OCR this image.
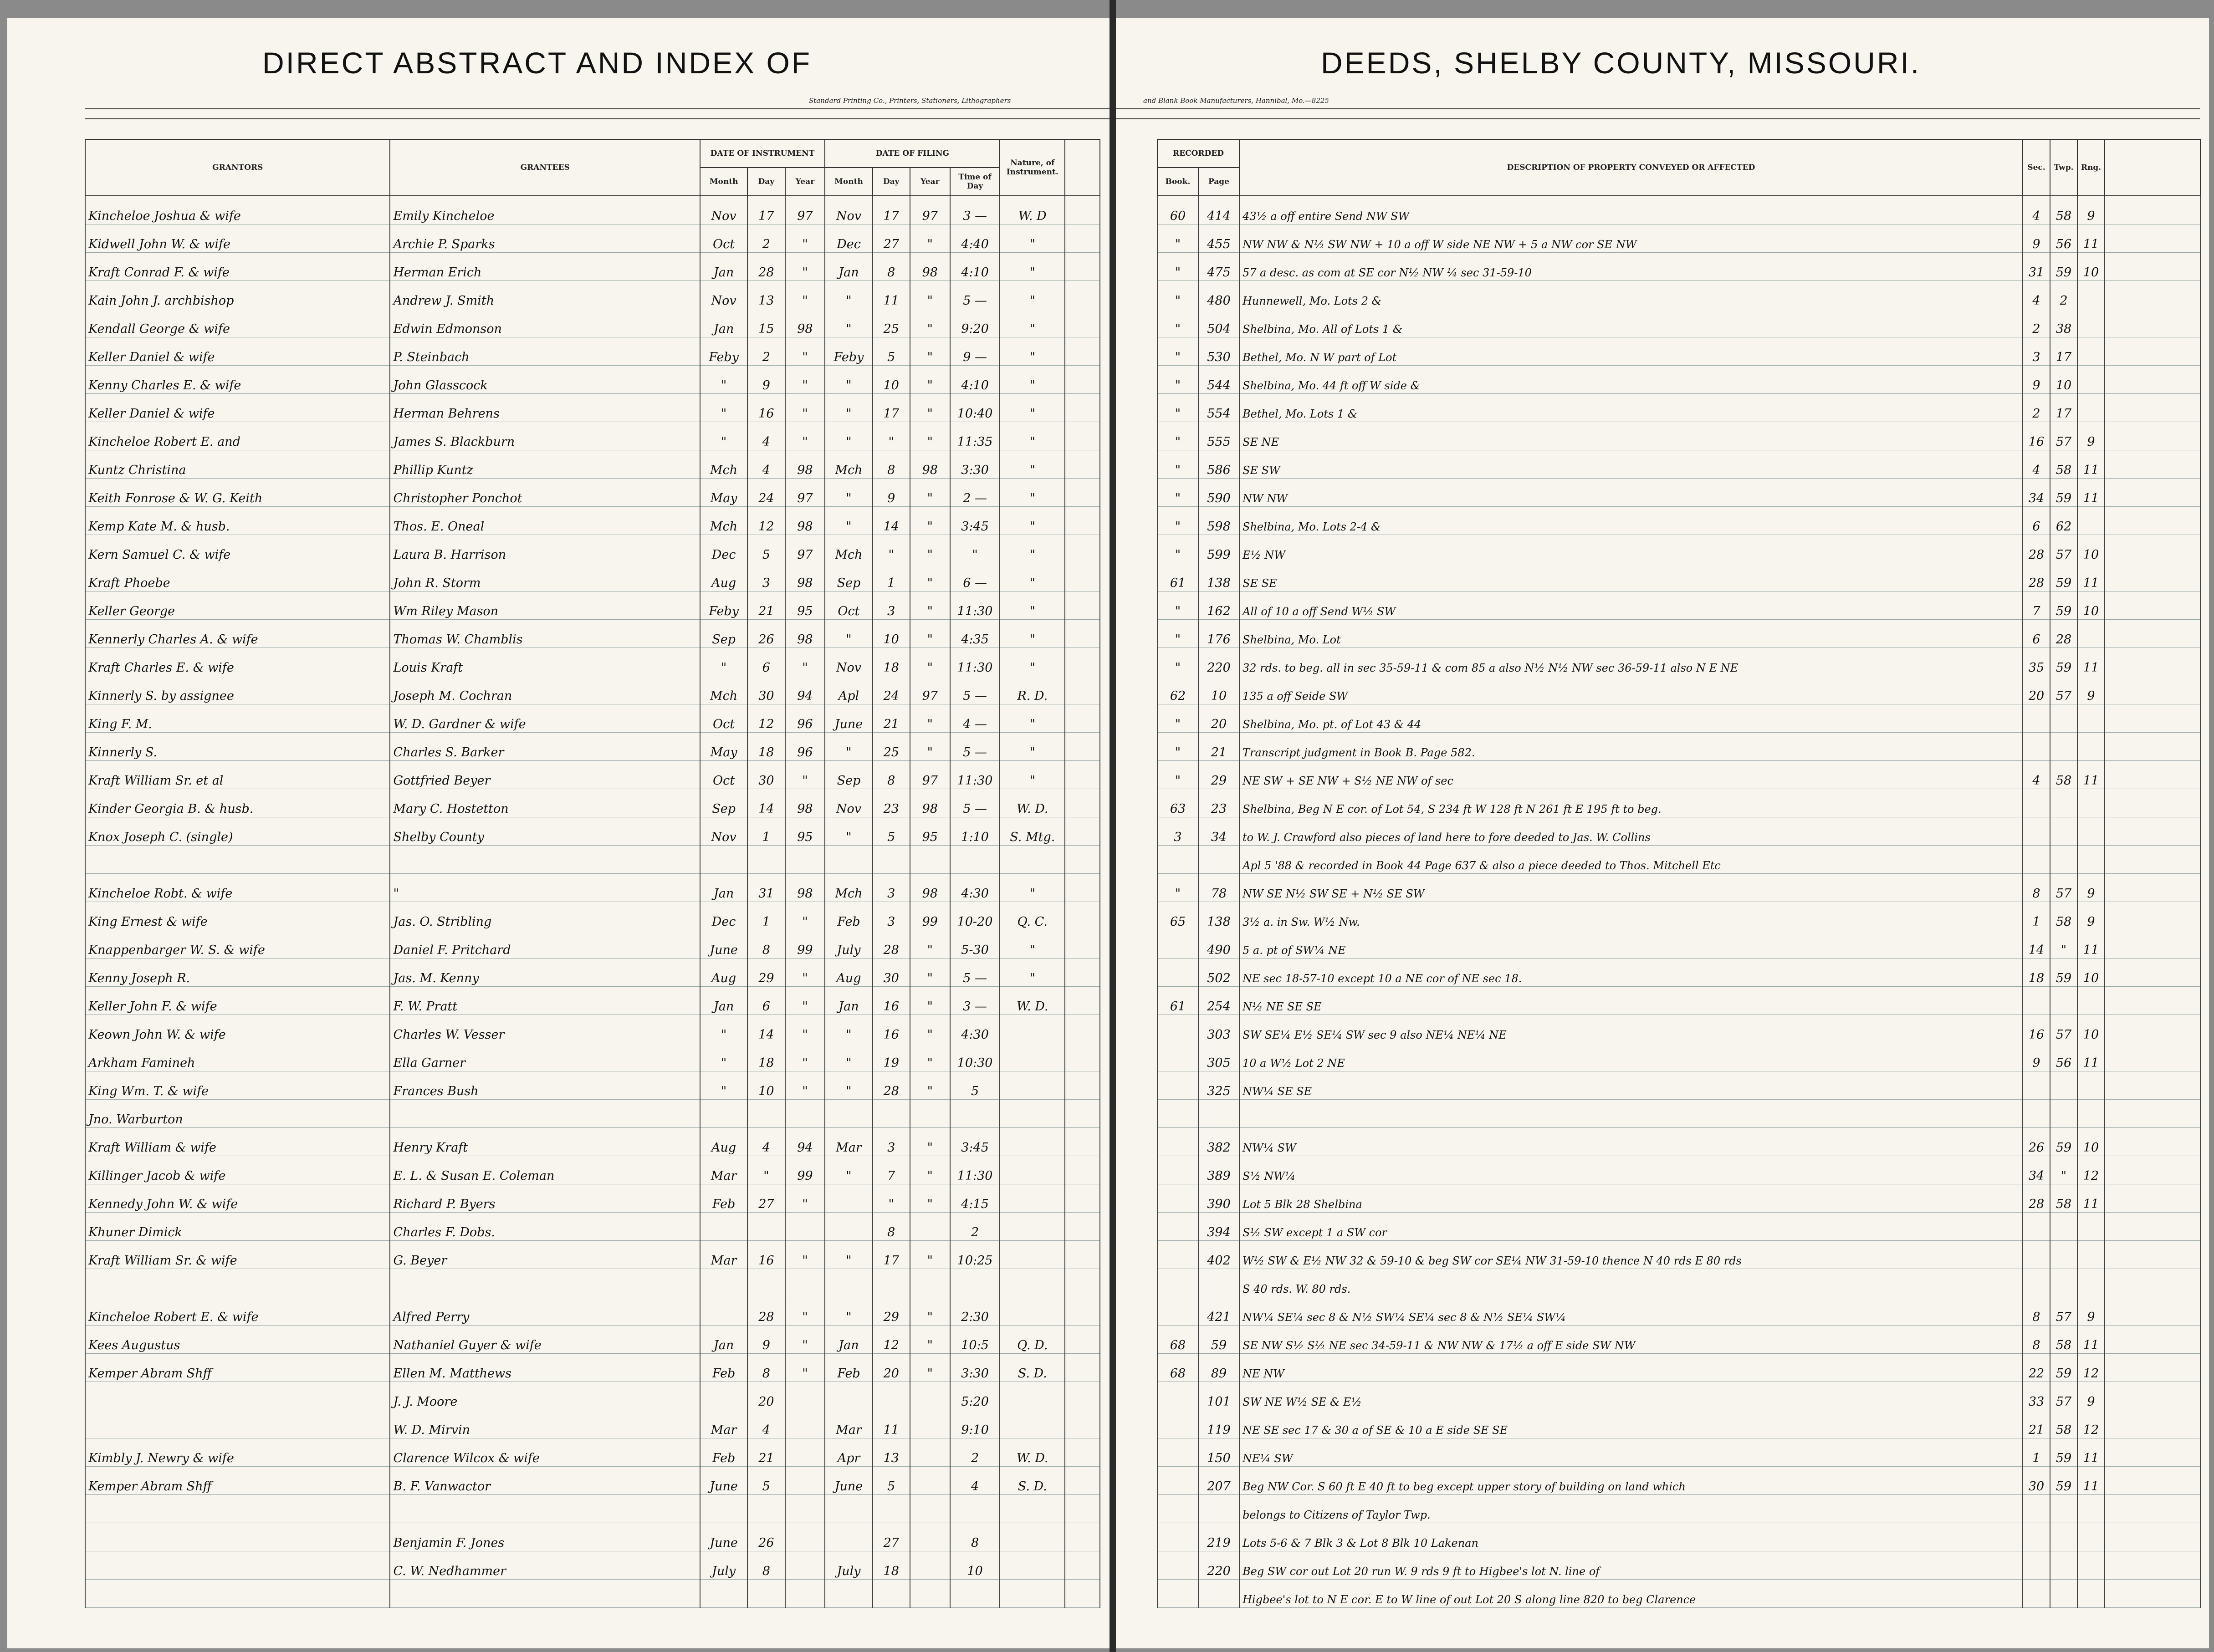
DIRECT ABSTRACT AND INDEX OF
Standard Printing Co., Printers, Stationers, Lithographers
GRANTORS	GRANTEES	DATE OF INSTRUMENT			DATE OF FILING				Nature, of Instrument.	
		Month	Day	Year	Month	Day	Year	Time of Day		
Kincheloe Joshua & wife	Emily Kincheloe	Nov	17	97	Nov	17	97	3 —	W. D	
Kidwell John W. & wife	Archie P. Sparks	Oct	2	"	Dec	27	"	4:40	"	
Kraft Conrad F. & wife	Herman Erich	Jan	28	"	Jan	8	98	4:10	"	
Kain John J. archbishop	Andrew J. Smith	Nov	13	"	"	11	"	5 —	"	
Kendall George & wife	Edwin Edmonson	Jan	15	98	"	25	"	9:20	"	
Keller Daniel & wife	P. Steinbach	Feby	2	"	Feby	5	"	9 —	"	
Kenny Charles E. & wife	John Glasscock	"	9	"	"	10	"	4:10	"	
Keller Daniel & wife	Herman Behrens	"	16	"	"	17	"	10:40	"	
Kincheloe Robert E. and	James S. Blackburn	"	4	"	"	"	"	11:35	"	
Kuntz Christina	Phillip Kuntz	Mch	4	98	Mch	8	98	3:30	"	
Keith Fonrose & W. G. Keith	Christopher Ponchot	May	24	97	"	9	"	2 —	"	
Kemp Kate M. & husb.	Thos. E. Oneal	Mch	12	98	"	14	"	3:45	"	
Kern Samuel C. & wife	Laura B. Harrison	Dec	5	97	Mch	"	"	"	"	
Kraft Phoebe	John R. Storm	Aug	3	98	Sep	1	"	6 —	"	
Keller George	Wm Riley Mason	Feby	21	95	Oct	3	"	11:30	"	
Kennerly Charles A. & wife	Thomas W. Chamblis	Sep	26	98	"	10	"	4:35	"	
Kraft Charles E. & wife	Louis Kraft	"	6	"	Nov	18	"	11:30	"	
Kinnerly S. by assignee	Joseph M. Cochran	Mch	30	94	Apl	24	97	5 —	R. D.	
King F. M.	W. D. Gardner & wife	Oct	12	96	June	21	"	4 —	"	
Kinnerly S.	Charles S. Barker	May	18	96	"	25	"	5 —	"	
Kraft William Sr. et al	Gottfried Beyer	Oct	30	"	Sep	8	97	11:30	"	
Kinder Georgia B. & husb.	Mary C. Hostetton	Sep	14	98	Nov	23	98	5 —	W. D.	
Knox Joseph C. (single)	Shelby County	Nov	1	95	"	5	95	1:10	S. Mtg.	

Kincheloe Robt. & wife	"	Jan	31	98	Mch	3	98	4:30	"	
King Ernest & wife	Jas. O. Stribling	Dec	1	"	Feb	3	99	10-20	Q. C.	
Knappenbarger W. S. & wife	Daniel F. Pritchard	June	8	99	July	28	"	5-30	"	
Kenny Joseph R.	Jas. M. Kenny	Aug	29	"	Aug	30	"	5 —	"	
Keller John F. & wife	F. W. Pratt	Jan	6	"	Jan	16	"	3 —	W. D.	
Keown John W. & wife	Charles W. Vesser	"	14	"	"	16	"	4:30		
Arkham Famineh	Ella Garner	"	18	"	"	19	"	10:30		
King Wm. T. & wife	Frances Bush	"	10	"	"	28	"	5		
Jno. Warburton										
Kraft William & wife	Henry Kraft	Aug	4	94	Mar	3	"	3:45		
Killinger Jacob & wife	E. L. & Susan E. Coleman	Mar	"	99	"	7	"	11:30		
Kennedy John W. & wife	Richard P. Byers	Feb	27	"		"	"	4:15		
Khuner Dimick	Charles F. Dobs.					8		2		
Kraft William Sr. & wife	G. Beyer	Mar	16	"	"	17	"	10:25		

Kincheloe Robert E. & wife	Alfred Perry		28	"	"	29	"	2:30		
Kees Augustus	Nathaniel Guyer & wife	Jan	9	"	Jan	12	"	10:5	Q. D.	
Kemper Abram Shff	Ellen M. Matthews	Feb	8	"	Feb	20	"	3:30	S. D.	
	J. J. Moore		20					5:20		
	W. D. Mirvin	Mar	4		Mar	11		9:10		
Kimbly J. Newry & wife	Clarence Wilcox & wife	Feb	21		Apr	13		2	W. D.	
Kemper Abram Shff	B. F. Vanwactor	June	5		June	5		4	S. D.	

	Benjamin F. Jones	June	26			27		8		
	C. W. Nedhammer	July	8		July	18		10		

DEEDS, SHELBY COUNTY, MISSOURI.
and Blank Book Manufacturers, Hannibal, Mo.—8225
RECORDED		DESCRIPTION OF PROPERTY CONVEYED OR AFFECTED	Sec.	Twp.	Rng.	
Book.	Page					
60	414	43½ a off entire Send NW SW	4	58	9	
"	455	NW NW & N½ SW NW + 10 a off W side NE NW + 5 a NW cor SE NW	9	56	11	
"	475	57 a desc. as com at SE cor N½ NW ¼ sec 31-59-10	31	59	10	
"	480	Hunnewell, Mo. Lots 2 &	4	2		
"	504	Shelbina, Mo. All of Lots 1 &	2	38		
"	530	Bethel, Mo. N W part of Lot	3	17		
"	544	Shelbina, Mo. 44 ft off W side &	9	10		
"	554	Bethel, Mo. Lots 1 &	2	17		
"	555	SE NE	16	57	9	
"	586	SE SW	4	58	11	
"	590	NW NW	34	59	11	
"	598	Shelbina, Mo. Lots 2-4 &	6	62		
"	599	E½ NW	28	57	10	
61	138	SE SE	28	59	11	
"	162	All of 10 a off Send W½ SW	7	59	10	
"	176	Shelbina, Mo. Lot	6	28		
"	220	32 rds. to beg. all in sec 35-59-11 & com 85 a also N½ N½ NW sec 36-59-11 also N E NE	35	59	11	
62	10	135 a off Seide SW	20	57	9	
"	20	Shelbina, Mo. pt. of Lot 43 & 44				
"	21	Transcript judgment in Book B. Page 582.				
"	29	NE SW + SE NW + S½ NE NW of sec	4	58	11	
63	23	Shelbina, Beg N E cor. of Lot 54, S 234 ft W 128 ft N 261 ft E 195 ft to beg.				
3	34	to W. J. Crawford also pieces of land here to fore deeded to Jas. W. Collins				
		Apl 5 '88 & recorded in Book 44 Page 637 & also a piece deeded to Thos. Mitchell Etc				
"	78	NW SE N½ SW SE + N½ SE SW	8	57	9	
65	138	3½ a. in Sw. W½ Nw.	1	58	9	
	490	5 a. pt of SW¼ NE	14	"	11	
	502	NE sec 18-57-10 except 10 a NE cor of NE sec 18.	18	59	10	
61	254	N½ NE SE SE				
	303	SW SE¼ E½ SE¼ SW sec 9 also NE¼ NE¼ NE	16	57	10	
	305	10 a W½ Lot 2 NE	9	56	11	
	325	NW¼ SE SE				

	382	NW¼ SW	26	59	10	
	389	S½ NW¼	34	"	12	
	390	Lot 5 Blk 28 Shelbina	28	58	11	
	394	S½ SW except 1 a SW cor				
	402	W½ SW & E½ NW 32 & 59-10 & beg SW cor SE¼ NW 31-59-10 thence N 40 rds E 80 rds				
		S 40 rds. W. 80 rds.				
	421	NW¼ SE¼ sec 8 & N½ SW¼ SE¼ sec 8 & N½ SE¼ SW¼	8	57	9	
68	59	SE NW S½ S½ NE sec 34-59-11 & NW NW & 17½ a off E side SW NW	8	58	11	
68	89	NE NW	22	59	12	
	101	SW NE W½ SE & E½	33	57	9	
	119	NE SE sec 17 & 30 a of SE & 10 a E side SE SE	21	58	12	
	150	NE¼ SW	1	59	11	
	207	Beg NW Cor. S 60 ft E 40 ft to beg except upper story of building on land which	30	59	11	
		belongs to Citizens of Taylor Twp.				
	219	Lots 5-6 & 7 Blk 3 & Lot 8 Blk 10 Lakenan				
	220	Beg SW cor out Lot 20 run W. 9 rds 9 ft to Higbee's lot N. line of				
		Higbee's lot to N E cor. E to W line of out Lot 20 S along line 820 to beg Clarence				
